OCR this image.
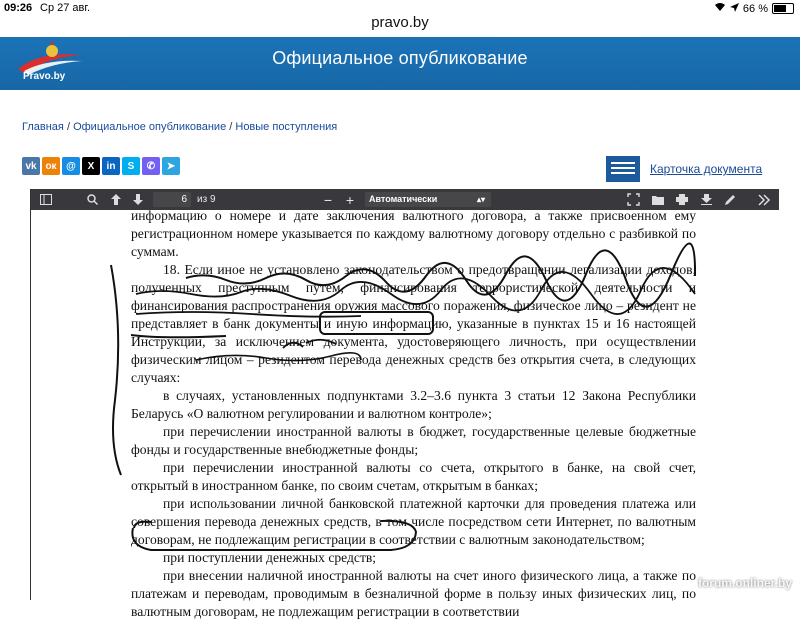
09:26 Ср 27 авг.	66 %
pravo.by
Pravo.by
Официальное опубликование
Главная / Официальное опубликование / Новые поступления
vk ок @	X	in	S	✆	➤	Карточка документа
6	из 9	− +	Автоматически	▴▾

информацию о номере и дате заключения валютного договора, а также присвоенном ему регистрационном номере указывается по каждому валютному договору отдельно с разбивкой по суммам.

18. Если иное не установлено законодательством о предотвращении легализации доходов, полученных преступным путем, финансирования террористической деятельности и финансирования распространения оружия массового поражения, физическое лицо – резидент не представляет в банк документы и иную информацию, указанные в пунктах 15 и 16 настоящей Инструкции, за исключением документа, удостоверяющего личность, при осуществлении физическим лицом – резидентом перевода денежных средств без открытия счета, в следующих случаях:

в случаях, установленных подпунктами 3.2–3.6 пункта 3 статьи 12 Закона Республики Беларусь «О валютном регулировании и валютном контроле»;

при перечислении иностранной валюты в бюджет, государственные целевые бюджетные фонды и государственные внебюджетные фонды;

при перечислении иностранной валюты со счета, открытого в банке, на свой счет, открытый в иностранном банке, по своим счетам, открытым в банках;

при использовании личной банковской платежной карточки для проведения платежа или совершения перевода денежных средств, в том числе посредством сети Интернет, по валютным договорам, не подлежащим регистрации в соответствии с валютным законодательством;

при поступлении денежных средств;

при внесении наличной иностранной валюты на счет иного физического лица, а также по платежам и переводам, проводимым в безналичной форме в пользу иных физических лиц, по валютным договорам, не подлежащим регистрации в соответствии

forum.onliner.by
